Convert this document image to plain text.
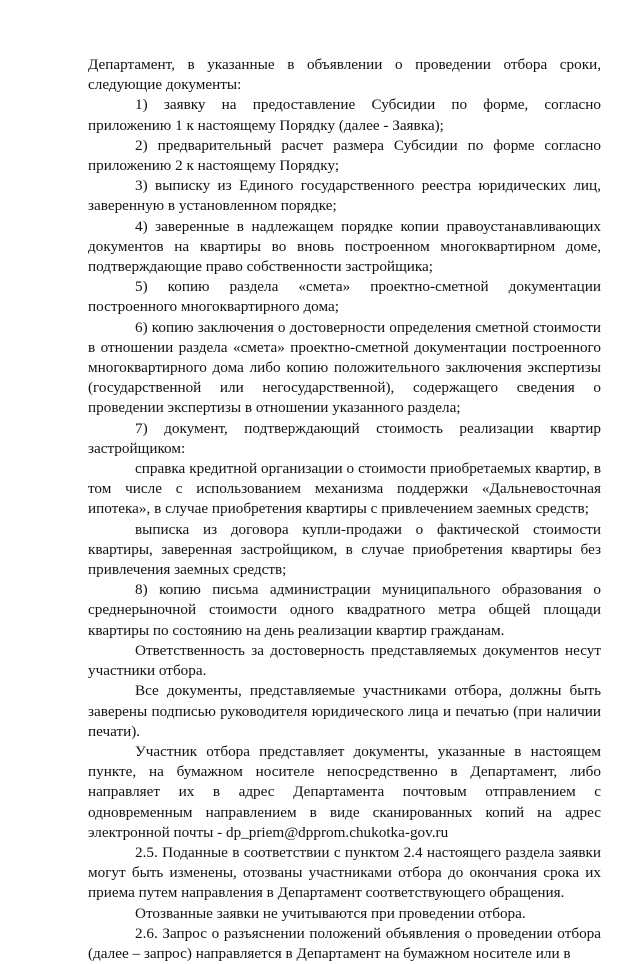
Департамент, в указанные в объявлении о проведении отбора сроки, следующие документы:

1) заявку на предоставление Субсидии по форме, согласно приложению 1 к настоящему Порядку (далее - Заявка);

2) предварительный расчет размера Субсидии по форме согласно приложению 2 к настоящему Порядку;

3) выписку из Единого государственного реестра юридических лиц, заверенную в установленном порядке;

4) заверенные в надлежащем порядке копии правоустанавливающих документов на квартиры во вновь построенном многоквартирном доме, подтверждающие право собственности застройщика;

5) копию раздела «смета» проектно-сметной документации построенного многоквартирного дома;

6) копию заключения о достоверности определения сметной стоимости в отношении раздела «смета» проектно-сметной документации построенного многоквартирного дома либо копию положительного заключения экспертизы (государственной или негосударственной), содержащего сведения о проведении экспертизы в отношении указанного раздела;

7) документ, подтверждающий стоимость реализации квартир застройщиком:

справка кредитной организации о стоимости приобретаемых квартир, в том числе с использованием механизма поддержки «Дальневосточная ипотека», в случае приобретения квартиры с привлечением заемных средств;

выписка из договора купли-продажи о фактической стоимости квартиры, заверенная застройщиком, в случае приобретения квартиры без привлечения заемных средств;

8) копию письма администрации муниципального образования о среднерыночной стоимости одного квадратного метра общей площади квартиры по состоянию на день реализации квартир гражданам.

Ответственность за достоверность представляемых документов несут участники отбора.

Все документы, представляемые участниками отбора, должны быть заверены подписью руководителя юридического лица и печатью (при наличии печати).

Участник отбора представляет документы, указанные в настоящем пункте, на бумажном носителе непосредственно в Департамент, либо направляет их в адрес Департамента почтовым отправлением с одновременным направлением в виде сканированных копий на адрес электронной почты - dp_priem@dpprom.chukotka-gov.ru

2.5. Поданные в соответствии с пунктом 2.4 настоящего раздела заявки могут быть изменены, отозваны участниками отбора до окончания срока их приема путем направления в Департамент соответствующего обращения.

Отозванные заявки не учитываются при проведении отбора.

2.6. Запрос о разъяснении положений объявления о проведении отбора (далее – запрос) направляется в Департамент на бумажном носителе или в
